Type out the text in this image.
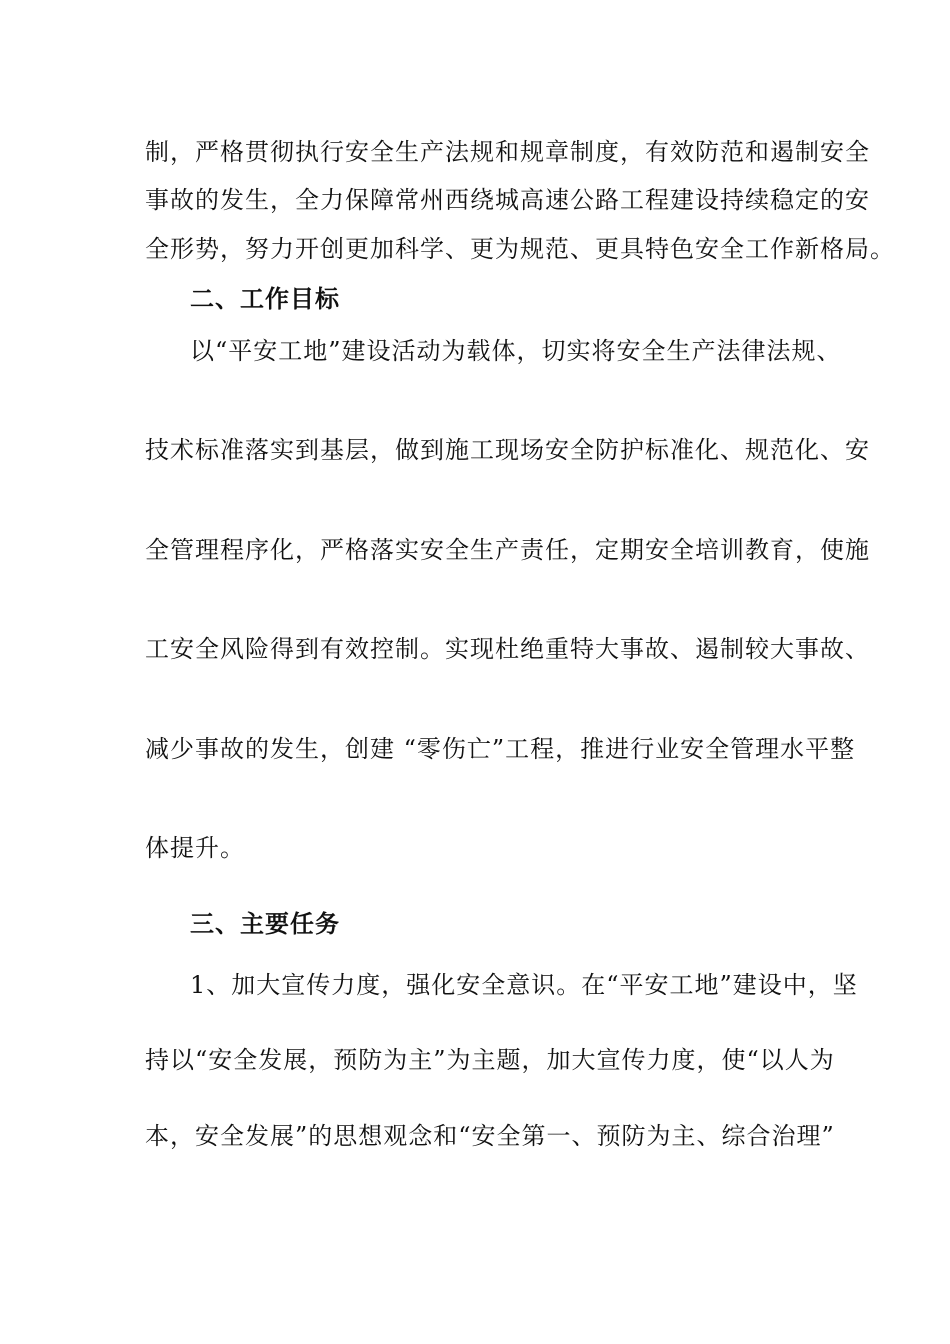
制，严格贯彻执行安全生产法规和规章制度，有效防范和遏制安全
事故的发生，全力保障常州西绕城高速公路工程建设持续稳定的安
全形势，努力开创更加科学、更为规范、更具特色安全工作新格局。
二、工作目标
以“平安工地”建设活动为载体，切实将安全生产法律法规、
技术标准落实到基层，做到施工现场安全防护标准化、规范化、安
全管理程序化，严格落实安全生产责任，定期安全培训教育，使施
工安全风险得到有效控制。实现杜绝重特大事故、遏制较大事故、
减少事故的发生，创建 “零伤亡”工程，推进行业安全管理水平整
体提升。
三、主要任务
1、加大宣传力度，强化安全意识。在“平安工地”建设中，坚
持以“安全发展，预防为主”为主题，加大宣传力度，使“以人为
本，安全发展”的思想观念和“安全第一、预防为主、综合治理”
